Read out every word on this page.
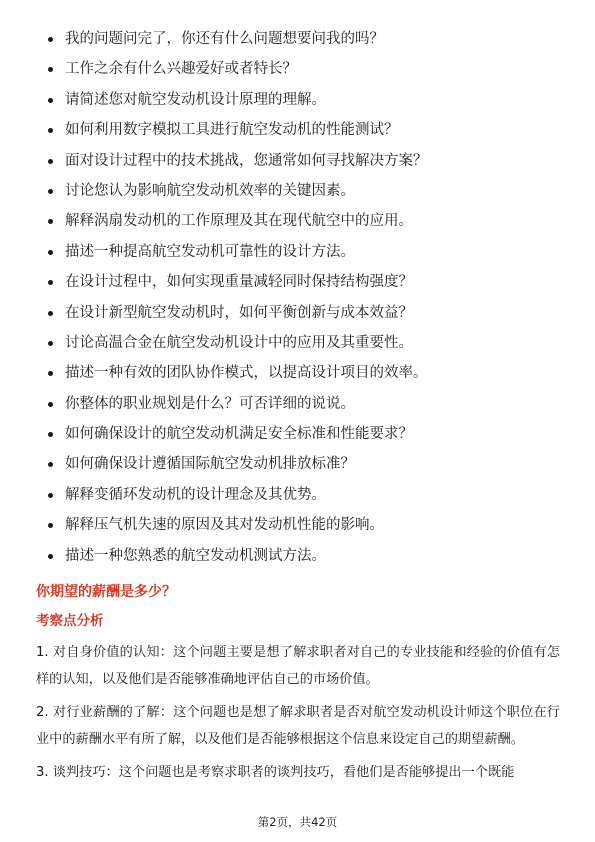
我的问题问完了，你还有什么问题想要问我的吗？
工作之余有什么兴趣爱好或者特长？
请简述您对航空发动机设计原理的理解。
如何利用数字模拟工具进行航空发动机的性能测试？
面对设计过程中的技术挑战，您通常如何寻找解决方案？
讨论您认为影响航空发动机效率的关键因素。
解释涡扇发动机的工作原理及其在现代航空中的应用。
描述一种提高航空发动机可靠性的设计方法。
在设计过程中，如何实现重量减轻同时保持结构强度？
在设计新型航空发动机时，如何平衡创新与成本效益？
讨论高温合金在航空发动机设计中的应用及其重要性。
描述一种有效的团队协作模式，以提高设计项目的效率。
你整体的职业规划是什么？可否详细的说说。
如何确保设计的航空发动机满足安全标准和性能要求？
如何确保设计遵循国际航空发动机排放标准？
解释变循环发动机的设计理念及其优势。
解释压气机失速的原因及其对发动机性能的影响。
描述一种您熟悉的航空发动机测试方法。
你期望的薪酬是多少？
考察点分析

1. 对自身价值的认知：这个问题主要是想了解求职者对自己的专业技能和经验的价值有怎样的认知，以及他们是否能够准确地评估自己的市场价值。

2. 对行业薪酬的了解：这个问题也是想了解求职者是否对航空发动机设计师这个职位在行业中的薪酬水平有所了解，以及他们是否能够根据这个信息来设定自己的期望薪酬。

3. 谈判技巧：这个问题也是考察求职者的谈判技巧，看他们是否能够提出一个既能

第2页，共42页
